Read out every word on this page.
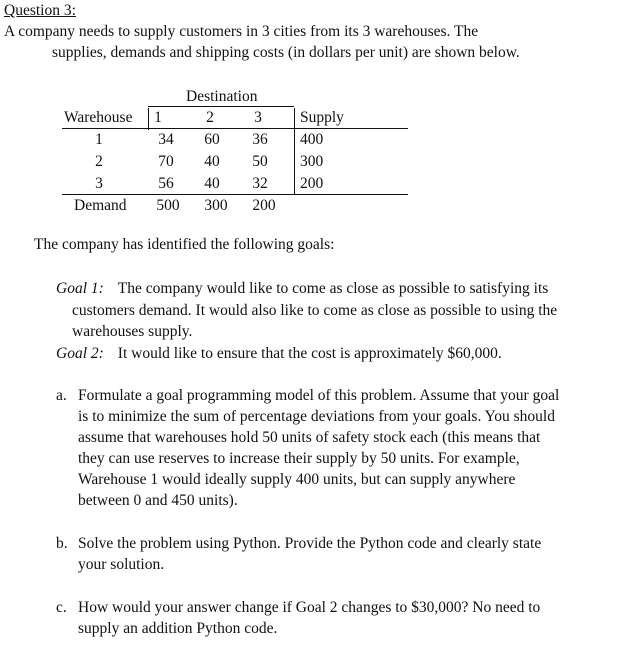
Question 3:
A company needs to supply customers in 3 cities from its 3 warehouses. The
supplies, demands and shipping costs (in dollars per unit) are shown below.
Destination
Warehouse	1	2	3	Supply
1	34	60	36	400
2	70	40	50	300
3	56	40	32	200
Demand	500	300	200
The company has identified the following goals:
Goal 1: The company would like to come as close as possible to satisfying its
customers demand. It would also like to come as close as possible to using the
warehouses supply.
Goal 2: It would like to ensure that the cost is approximately $60,000.
a. Formulate a goal programming model of this problem. Assume that your goal
is to minimize the sum of percentage deviations from your goals. You should
assume that warehouses hold 50 units of safety stock each (this means that
they can use reserves to increase their supply by 50 units. For example,
Warehouse 1 would ideally supply 400 units, but can supply anywhere
between 0 and 450 units).
b. Solve the problem using Python. Provide the Python code and clearly state
your solution.
c. How would your answer change if Goal 2 changes to $30,000? No need to
supply an addition Python code.
